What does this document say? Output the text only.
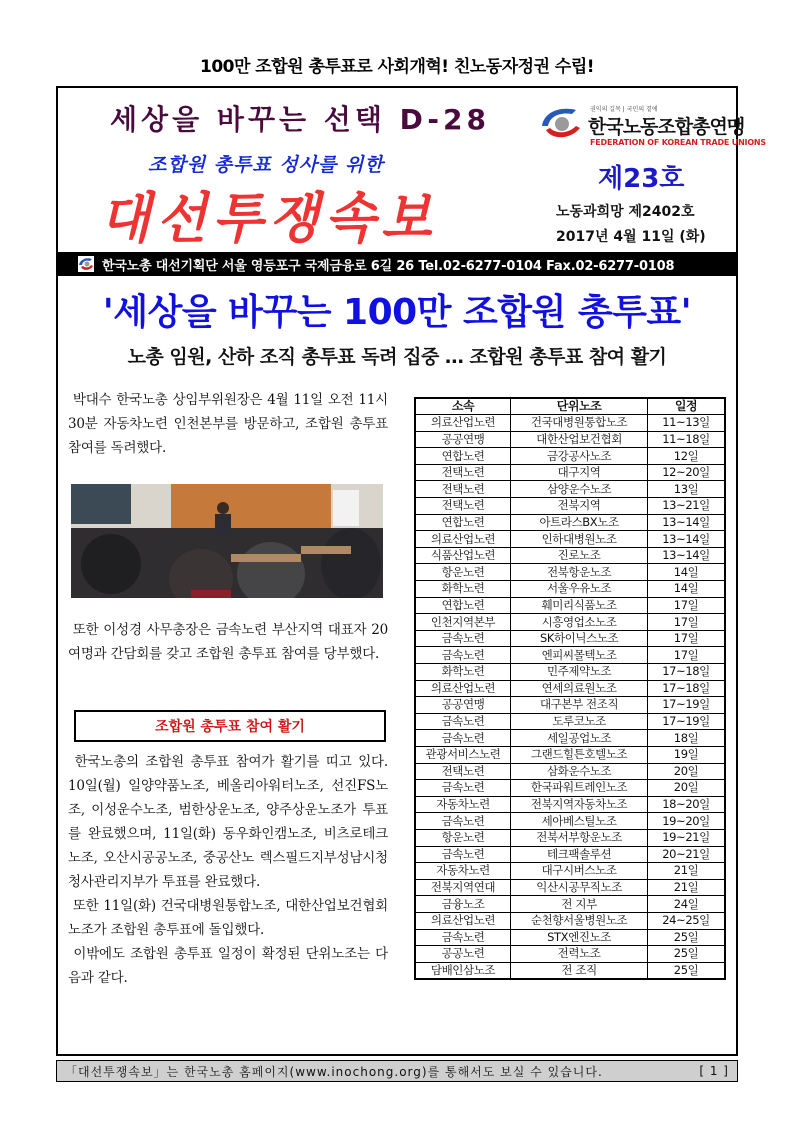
100만 조합원 총투표로 사회개혁! 친노동자정권 수립!
세상을 바꾸는 선택 D-28
조합원 총투표 성사를 위한
대선투쟁속보
권익의 길목 | 국민의 곁에
한국노동조합총연맹
FEDERATION OF KOREAN TRADE UNIONS
제23호
노동과희망 제2402호
2017년 4월 11일 (화)
한국노총 대선기획단 서울 영등포구 국제금융로 6길 26 Tel.02-6277-0104 Fax.02-6277-0108
'세상을 바꾸는 100만 조합원 총투표'
노총 임원, 산하 조직 총투표 독려 집중 … 조합원 총투표 참여 활기

박대수 한국노총 상임부위원장은 4월 11일 오전 11시 30분 자동차노련 인천본부를 방문하고, 조합원 총투표 참여를 독려했다.

또한 이성경 사무총장은 금속노련 부산지역 대표자 20여명과 간담회를 갖고 조합원 총투표 참여를 당부했다.

조합원 총투표 참여 활기

한국노총의 조합원 총투표 참여가 활기를 띠고 있다. 10일(월) 일양약품노조, 베올리아워터노조, 선진FS노조, 이성운수노조, 범한상운노조, 양주상운노조가 투표를 완료했으며, 11일(화) 동우화인캠노조, 비츠로테크노조, 오산시공공노조, 중공산노 렉스필드지부성남시청 청사관리지부가 투표를 완료했다.

또한 11일(화) 건국대병원통합노조, 대한산업보건협회노조가 조합원 총투표에 돌입했다.

이밖에도 조합원 총투표 일정이 확정된 단위노조는 다음과 같다.

소속	단위노조	일정
의료산업노련	건국대병원통합노조	11~13일
공공연맹	대한산업보건협회	11~18일
연합노련	금강공사노조	12일
전택노련	대구지역	12~20일
전택노련	삼양운수노조	13일
전택노련	전북지역	13~21일
연합노련	아트라스BX노조	13~14일
의료산업노련	인하대병원노조	13~14일
식품산업노련	진로노조	13~14일
항운노련	전북항운노조	14일
화학노련	서울우유노조	14일
연합노련	훼미리식품노조	17일
인천지역본부	시흥영업소노조	17일
금속노련	SK하이닉스노조	17일
금속노련	엔피씨몰텍노조	17일
화학노련	민주제약노조	17~18일
의료산업노련	연세의료원노조	17~18일
공공연맹	대구본부 전조직	17~19일
금속노련	도루코노조	17~19일
금속노련	세일공업노조	18일
관광서비스노련	그랜드힐튼호텔노조	19일
전택노련	삼화운수노조	20일
금속노련	한국파워트레인노조	20일
자동차노련	전북지역자동차노조	18~20일
금속노련	세아베스틸노조	19~20일
항운노련	전북서부항운노조	19~21일
금속노련	테크팩솔루션	20~21일
자동차노련	대구시버스노조	21일
전북지역연대	익산시공무직노조	21일
금융노조	전 지부	24일
의료산업노련	순천향서울병원노조	24~25일
금속노련	STX엔진노조	25일
공공노련	전력노조	25일
담배인삼노조	전 조직	25일
「대선투쟁속보」는 한국노총 홈페이지(www.inochong.org)를 통해서도 보실 수 있습니다.	[ 1 ]
